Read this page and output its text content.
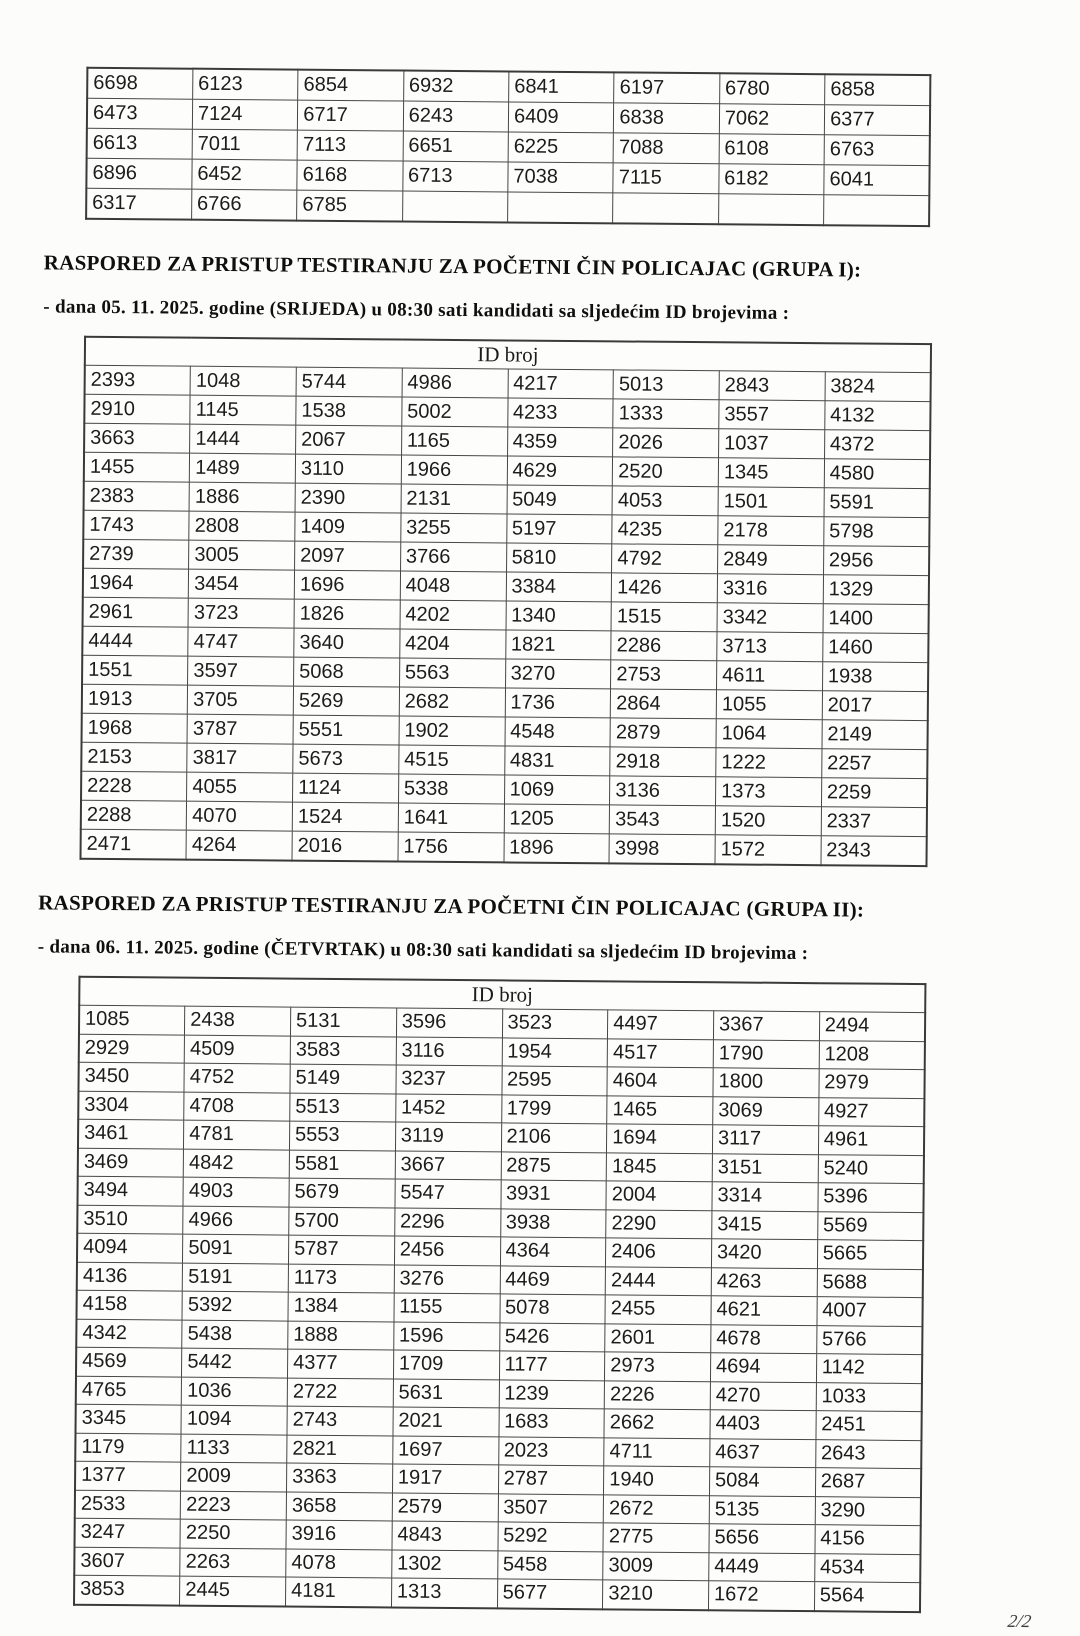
6698	6123	6854	6932	6841	6197	6780	6858
6473	7124	6717	6243	6409	6838	7062	6377
6613	7011	7113	6651	6225	7088	6108	6763
6896	6452	6168	6713	7038	7115	6182	6041
6317	6766	6785					
RASPORED ZA PRISTUP TESTIRANJU ZA POČETNI ČIN POLICAJAC (GRUPA I):
- dana 05. 11. 2025. godine (SRIJEDA) u 08:30 sati kandidati sa sljedećim ID brojevima :
ID broj							
2393	1048	5744	4986	4217	5013	2843	3824
2910	1145	1538	5002	4233	1333	3557	4132
3663	1444	2067	1165	4359	2026	1037	4372
1455	1489	3110	1966	4629	2520	1345	4580
2383	1886	2390	2131	5049	4053	1501	5591
1743	2808	1409	3255	5197	4235	2178	5798
2739	3005	2097	3766	5810	4792	2849	2956
1964	3454	1696	4048	3384	1426	3316	1329
2961	3723	1826	4202	1340	1515	3342	1400
4444	4747	3640	4204	1821	2286	3713	1460
1551	3597	5068	5563	3270	2753	4611	1938
1913	3705	5269	2682	1736	2864	1055	2017
1968	3787	5551	1902	4548	2879	1064	2149
2153	3817	5673	4515	4831	2918	1222	2257
2228	4055	1124	5338	1069	3136	1373	2259
2288	4070	1524	1641	1205	3543	1520	2337
2471	4264	2016	1756	1896	3998	1572	2343
RASPORED ZA PRISTUP TESTIRANJU ZA POČETNI ČIN POLICAJAC (GRUPA II):
- dana 06. 11. 2025. godine (ČETVRTAK) u 08:30 sati kandidati sa sljedećim ID brojevima :
ID broj							
1085	2438	5131	3596	3523	4497	3367	2494
2929	4509	3583	3116	1954	4517	1790	1208
3450	4752	5149	3237	2595	4604	1800	2979
3304	4708	5513	1452	1799	1465	3069	4927
3461	4781	5553	3119	2106	1694	3117	4961
3469	4842	5581	3667	2875	1845	3151	5240
3494	4903	5679	5547	3931	2004	3314	5396
3510	4966	5700	2296	3938	2290	3415	5569
4094	5091	5787	2456	4364	2406	3420	5665
4136	5191	1173	3276	4469	2444	4263	5688
4158	5392	1384	1155	5078	2455	4621	4007
4342	5438	1888	1596	5426	2601	4678	5766
4569	5442	4377	1709	1177	2973	4694	1142
4765	1036	2722	5631	1239	2226	4270	1033
3345	1094	2743	2021	1683	2662	4403	2451
1179	1133	2821	1697	2023	4711	4637	2643
1377	2009	3363	1917	2787	1940	5084	2687
2533	2223	3658	2579	3507	2672	5135	3290
3247	2250	3916	4843	5292	2775	5656	4156
3607	2263	4078	1302	5458	3009	4449	4534
3853	2445	4181	1313	5677	3210	1672	5564
2/2
